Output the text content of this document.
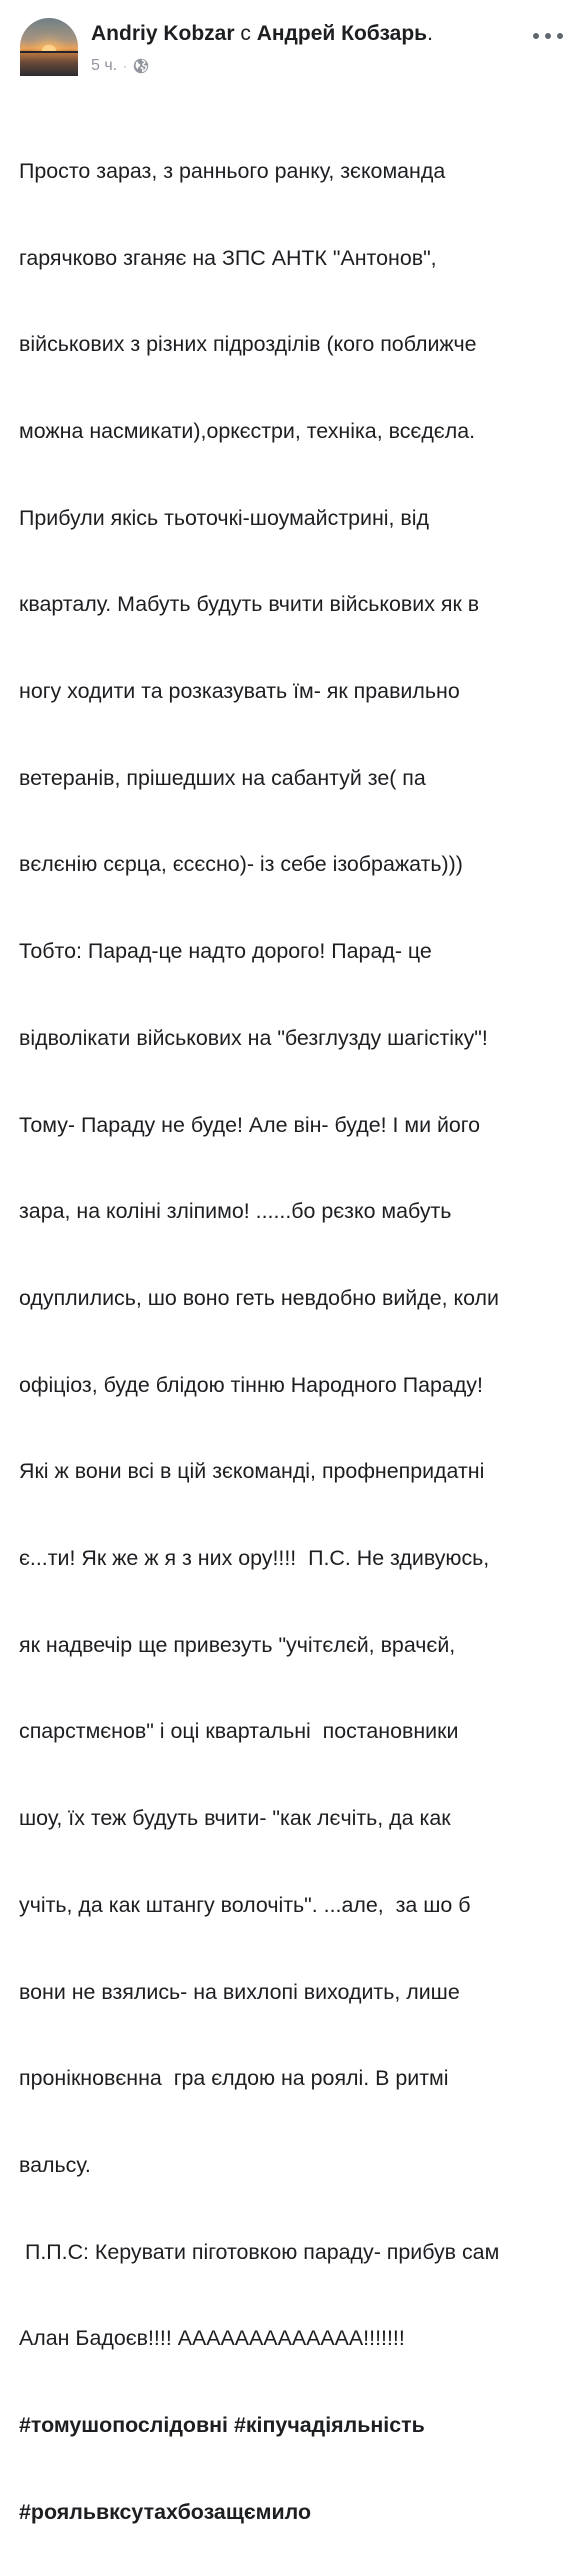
Andriy Kobzar с Андрей Кобзарь.
5 ч. ·

Просто зараз, з раннього ранку, зєкоманда

гарячково зганяє на ЗПС АНТК "Антонов",

військових з різних підрозділів (кого поближче

можна насмикати),оркєстри, техніка, всєдєла.

Прибули якісь тьоточкі-шоумайстрині, від

кварталу. Мабуть будуть вчити військових як в

ногу ходити та розказувать їм- як правильно

ветеранів, прішедших на сабантуй зе( па

вєлєнію сєрца, єсєсно)- із себе ізображать)))

Тобто: Парад-це надто дорого! Парад- це

відволікати військових на "безглузду шагістіку"!

Тому- Параду не буде! Але він- буде! І ми його

зара, на коліні зліпимо! ......бо рєзко мабуть

одуплились, шо воно геть невдобно вийде, коли

офіціоз, буде блідою тінню Народного Параду!

Які ж вони всі в цій зєкоманді, профнепридатні

є...ти! Як же ж я з них ору!!!!  П.С. Не здивуюсь,

як надвечір ще привезуть "учітєлєй, врачєй,

спарстмєнов" і оці квартальні  постановники

шоу, їх теж будуть вчити- "как лєчіть, да как

учіть, да как штангу волочіть". ...але,  за шо б

вони не взялись- на вихлопі виходить, лише

пронікновєнна  гра єлдою на роялі. В ритмі

вальсу.

П.П.С: Керувати піготовкою параду- прибув сам

Алан Бадоєв!!!! ААААААААААААА!!!!!!!

#томушопослідовні #кіпучадіяльність

#рояльвксутахбозащємило
